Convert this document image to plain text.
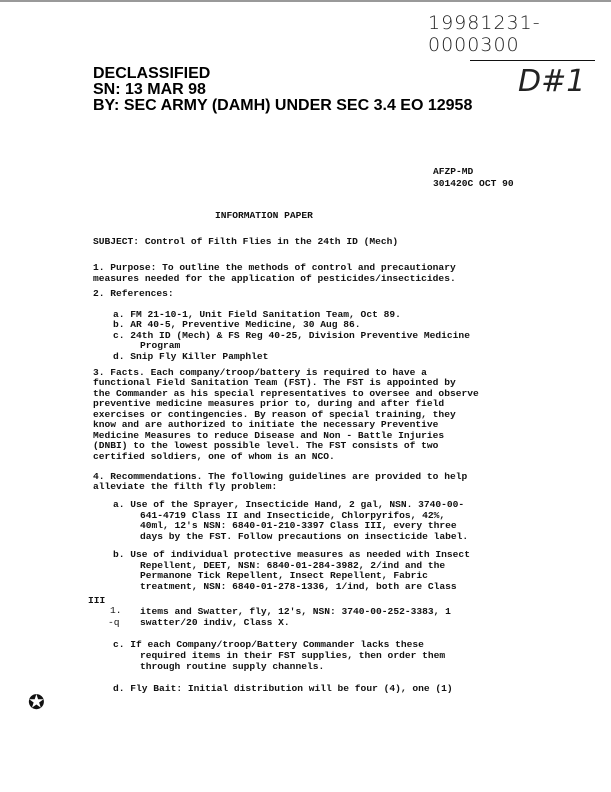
19981231-0000300
D#1
DECLASSIFIED
SN: 13 MAR 98
BY: SEC ARMY (DAMH) UNDER SEC 3.4 EO 12958
AFZP-MD
301420C OCT 90
INFORMATION PAPER
SUBJECT: Control of Filth Flies in the 24th ID (Mech)
1. Purpose: To outline the methods of control and precautionary
measures needed for the application of pesticides/insecticides.
2. References:
a. FM 21-10-1, Unit Field Sanitation Team, Oct 89.
b. AR 40-5, Preventive Medicine, 30 Aug 86.
c. 24th ID (Mech) & FS Reg 40-25, Division Preventive Medicine
Program
d. Snip Fly Killer Pamphlet
3. Facts. Each company/troop/battery is required to have a
functional Field Sanitation Team (FST). The FST is appointed by
the Commander as his special representatives to oversee and observe
preventive medicine measures prior to, during and after field
exercises or contingencies. By reason of special training, they
know and are authorized to initiate the necessary Preventive
Medicine Measures to reduce Disease and Non - Battle Injuries
(DNBI) to the lowest possible level. The FST consists of two
certified soldiers, one of whom is an NCO.
4. Recommendations. The following guidelines are provided to help
alleviate the filth fly problem:
a. Use of the Sprayer, Insecticide Hand, 2 gal, NSN. 3740-00-
641-4719 Class II and Insecticide, Chlorpyrifos, 42%,
40ml, 12's NSN: 6840-01-210-3397 Class III, every three
days by the FST. Follow precautions on insecticide label.
b. Use of individual protective measures as needed with Insect
Repellent, DEET, NSN: 6840-01-284-3982, 2/ind and the
Permanone Tick Repellent, Insect Repellent, Fabric
treatment, NSN: 6840-01-278-1336, 1/ind, both are Class
III
1.
-q
items and Swatter, fly, 12's, NSN: 3740-00-252-3383, 1
swatter/20 indiv, Class X.
c. If each Company/troop/Battery Commander lacks these
required items in their FST supplies, then order them
through routine supply channels.
d. Fly Bait: Initial distribution will be four (4), one (1)
✪
